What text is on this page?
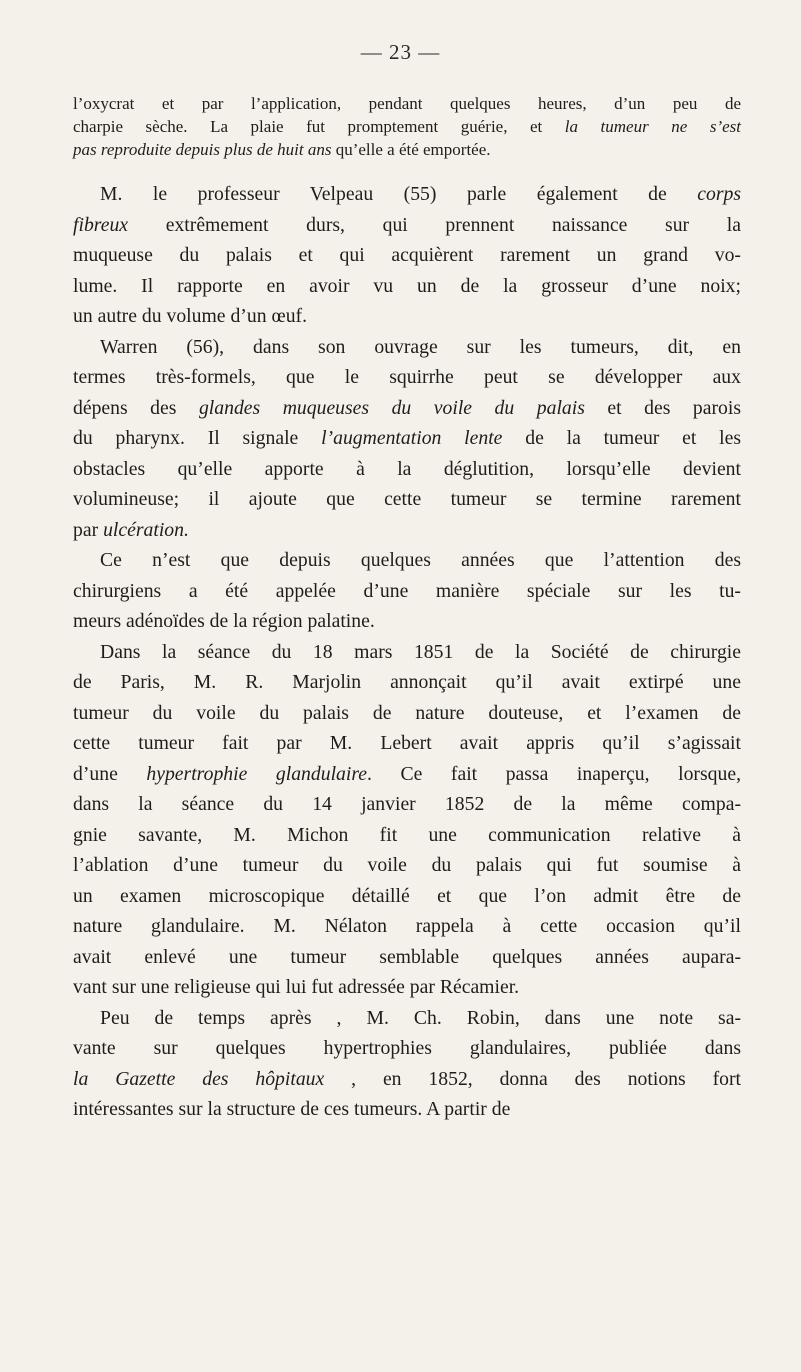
— 23 —
l’oxycrat et par l’application, pendant quelques heures, d’un peu de
charpie sèche. La plaie fut promptement guérie, et la tumeur ne s’est
pas reproduite depuis plus de huit ans qu’elle a été emportée.
M. le professeur Velpeau (55) parle également de corps
fibreux extrêmement durs, qui prennent naissance sur la
muqueuse du palais et qui acquièrent rarement un grand vo-
lume. Il rapporte en avoir vu un de la grosseur d’une noix;
un autre du volume d’un œuf.
Warren (56), dans son ouvrage sur les tumeurs, dit, en
termes très-formels, que le squirrhe peut se développer aux
dépens des glandes muqueuses du voile du palais et des parois
du pharynx. Il signale l’augmentation lente de la tumeur et les
obstacles qu’elle apporte à la déglutition, lorsqu’elle devient
volumineuse; il ajoute que cette tumeur se termine rarement
par ulcération.
Ce n’est que depuis quelques années que l’attention des
chirurgiens a été appelée d’une manière spéciale sur les tu-
meurs adénoïdes de la région palatine.
Dans la séance du 18 mars 1851 de la Société de chirurgie
de Paris, M. R. Marjolin annonçait qu’il avait extirpé une
tumeur du voile du palais de nature douteuse, et l’examen de
cette tumeur fait par M. Lebert avait appris qu’il s’agissait
d’une hypertrophie glandulaire. Ce fait passa inaperçu, lorsque,
dans la séance du 14 janvier 1852 de la même compa-
gnie savante, M. Michon fit une communication relative à
l’ablation d’une tumeur du voile du palais qui fut soumise à
un examen microscopique détaillé et que l’on admit être de
nature glandulaire. M. Nélaton rappela à cette occasion qu’il
avait enlevé une tumeur semblable quelques années aupara-
vant sur une religieuse qui lui fut adressée par Récamier.
Peu de temps après , M. Ch. Robin, dans une note sa-
vante sur quelques hypertrophies glandulaires, publiée dans
la Gazette des hôpitaux , en 1852, donna des notions fort
intéressantes sur la structure de ces tumeurs. A partir de
